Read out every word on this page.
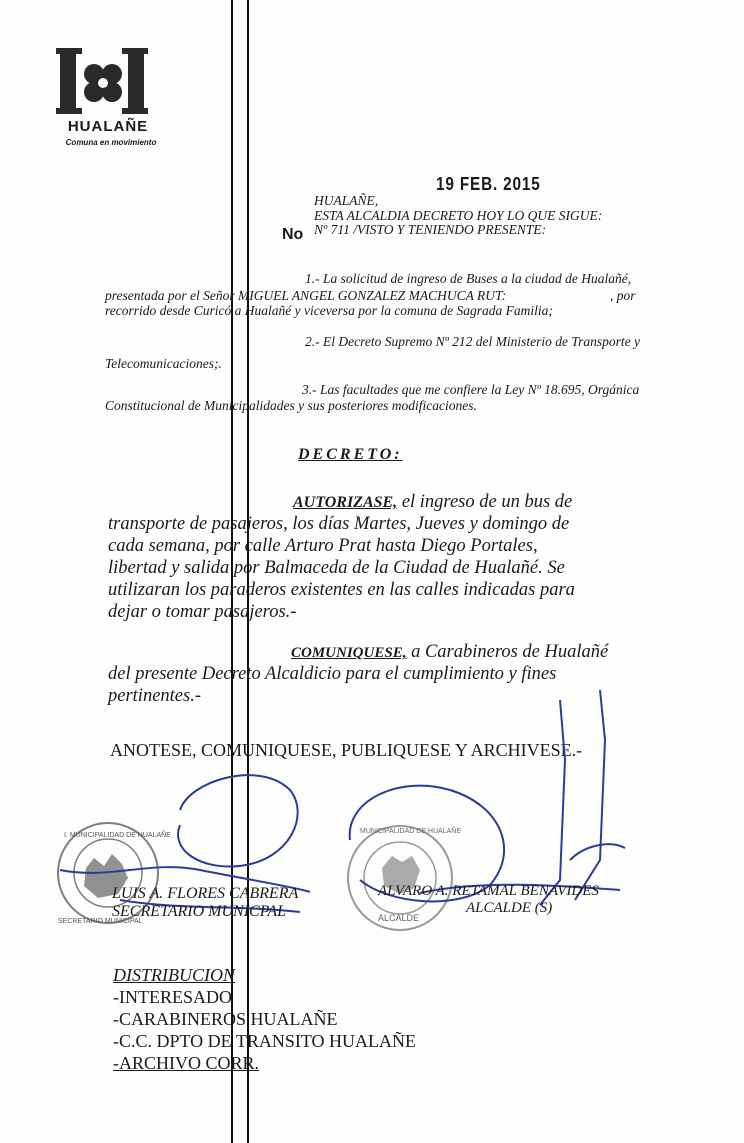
HUALAÑE
Comuna en movimiento
19 FEB. 2015
HUALAÑE,
ESTA ALCALDIA DECRETO HOY LO QUE SIGUE:
No Nº 711 /VISTO Y TENIENDO PRESENTE:
1.- La solicitud de ingreso de Buses a la ciudad de Hualañé,
presentada por el Señor MIGUEL ANGEL GONZALEZ MACHUCA RUT:	, por
recorrido desde Curicó a Hualañé y viceversa por la comuna de Sagrada Familia;
2.- El Decreto Supremo Nº 212 del Ministerio de Transporte y
Telecomunicaciones;.
3.- Las facultades que me confiere la Ley Nº 18.695, Orgánica
Constitucional de Municipalidades y sus posteriores modificaciones.
DECRETO:
AUTORIZASE, el ingreso de un bus de
transporte de pasajeros, los días Martes, Jueves y domingo de
cada semana, por calle Arturo Prat hasta Diego Portales,
libertad y salida por Balmaceda de la Ciudad de Hualañé. Se
utilizaran los paraderos existentes en las calles indicadas para
dejar o tomar pasajeros.-
COMUNIQUESE, a Carabineros de Hualañé
del presente Decreto Alcaldicio para el cumplimiento y fines
pertinentes.-
ANOTESE, COMUNIQUESE, PUBLIQUESE Y ARCHIVESE.-
LUIS A. FLORES CABRERA
SECRETARIO MUNICPAL
ALVARO A. RETAMAL BENAVIDES
ALCALDE (S)
I. MUNICIPALIDAD DE HUALAÑE
SECRETARIO MUNICIPAL
MUNICIPALIDAD DE HUALAÑE
ALCALDE
DISTRIBUCION
-INTERESADO
-CARABINEROS HUALAÑE
-C.C. DPTO DE TRANSITO HUALAÑE
-ARCHIVO CORR.
